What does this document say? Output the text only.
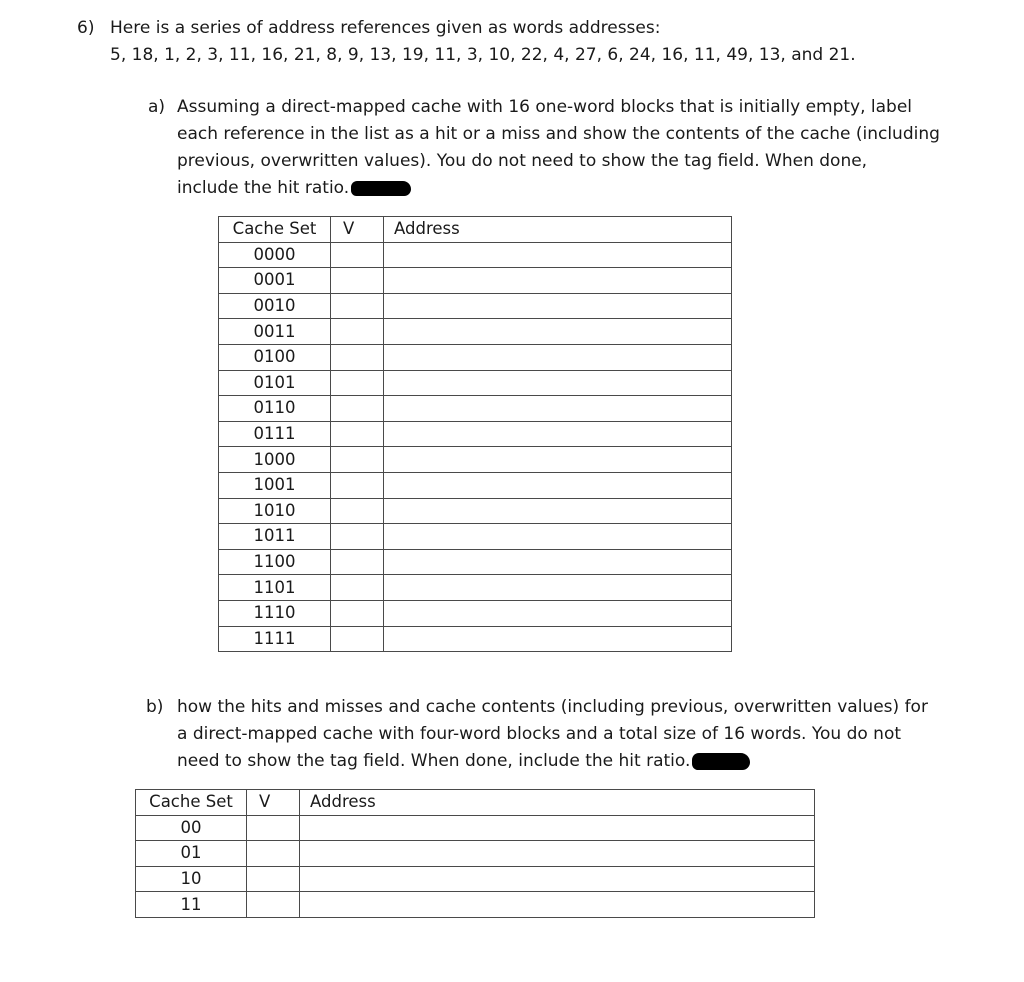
6) Here is a series of address references given as words addresses:
5, 18, 1, 2, 3, 11, 16, 21, 8, 9, 13, 19, 11, 3, 10, 22, 4, 27, 6, 24, 16, 11, 49, 13, and 21.
a) Assuming a direct-mapped cache with 16 one-word blocks that is initially empty, label
each reference in the list as a hit or a miss and show the contents of the cache (including
previous, overwritten values). You do not need to show the tag field. When done,
include the hit ratio.
Cache Set	V	Address
0000		
0001		
0010		
0011		
0100		
0101		
0110		
0111		
1000		
1001		
1010		
1011		
1100		
1101		
1110		
1111		
b) how the hits and misses and cache contents (including previous, overwritten values) for
a direct-mapped cache with four-word blocks and a total size of 16 words. You do not
need to show the tag field. When done, include the hit ratio.
Cache Set	V	Address
00		
01		
10		
11		
